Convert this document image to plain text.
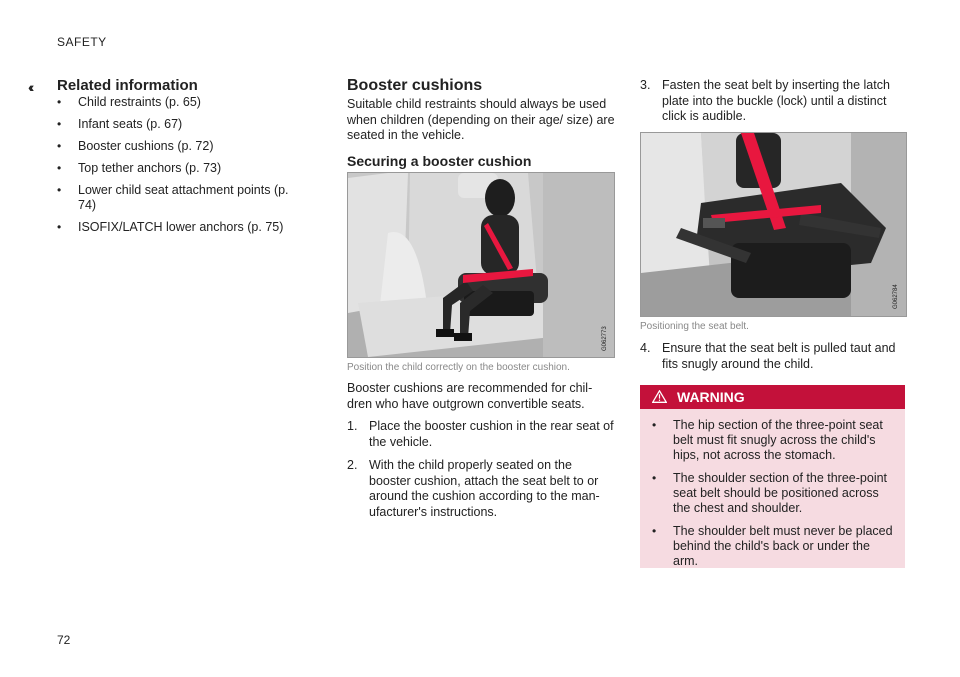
SAFETY
‹‹ Related information
• Child restraints (p. 65)
• Infant seats (p. 67)
• Booster cushions (p. 72)
• Top tether anchors (p. 73)
• Lower child seat attachment points (p. 74)
• ISOFIX/LATCH lower anchors (p. 75)
Booster cushions
Suitable child restraints should always be used when children (depending on their age/ size) are seated in the vehicle.
Securing a booster cushion
G062773
Position the child correctly on the booster cushion.
Booster cushions are recommended for chil- dren who have outgrown convertible seats.
1. Place the booster cushion in the rear seat of the vehicle.
2. With the child properly seated on the booster cushion, attach the seat belt to or around the cushion according to the man- ufacturer's instructions.
3. Fasten the seat belt by inserting the latch plate into the buckle (lock) until a distinct click is audible.
G062784
Positioning the seat belt.
4. Ensure that the seat belt is pulled taut and fits snugly around the child.
WARNING
• The hip section of the three-point seat belt must fit snugly across the child's hips, not across the stomach.
• The shoulder section of the three-point seat belt should be positioned across the chest and shoulder.
• The shoulder belt must never be placed behind the child's back or under the arm.
72
